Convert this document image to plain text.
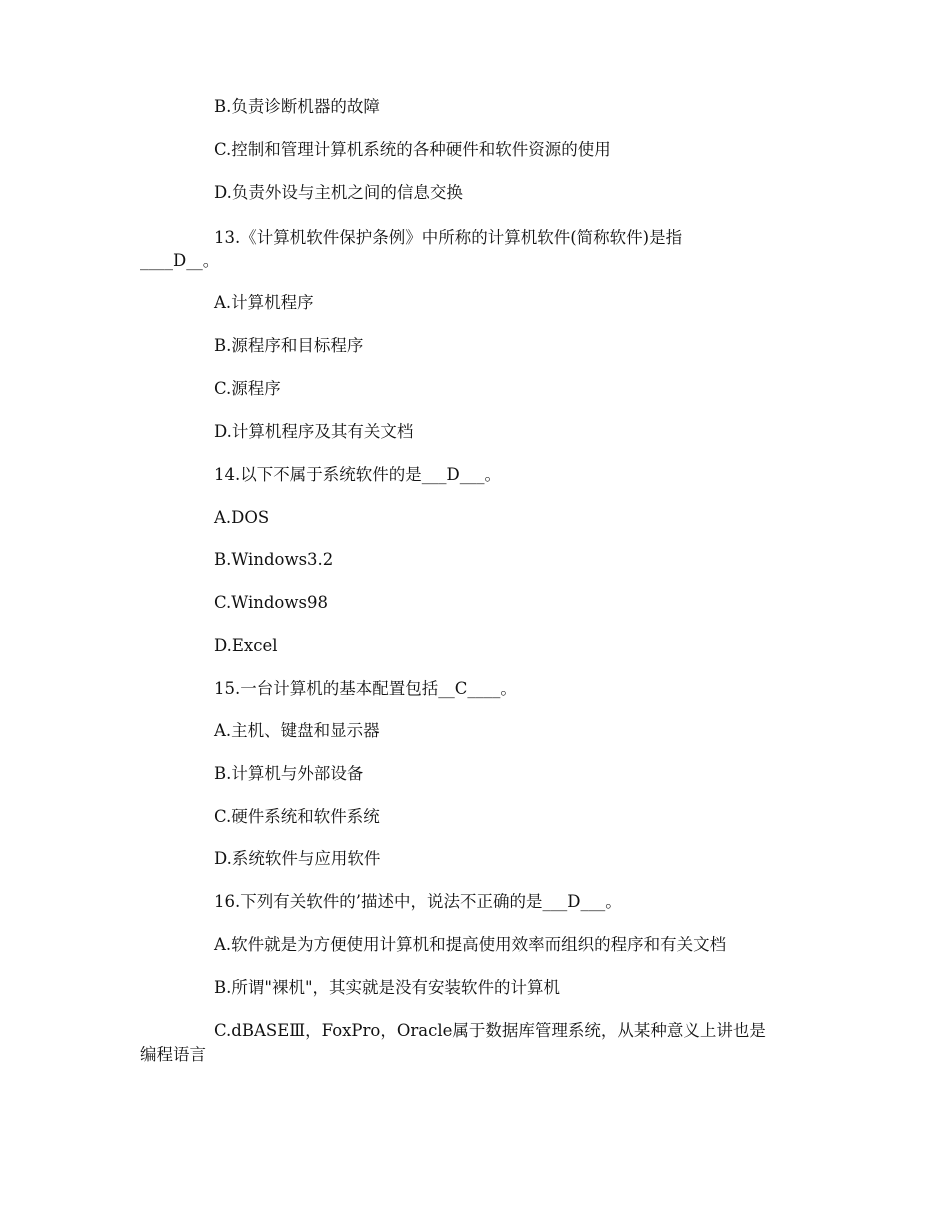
B.负责诊断机器的故障
C.控制和管理计算机系统的各种硬件和软件资源的使用
D.负责外设与主机之间的信息交换
13.《计算机软件保护条例》中所称的计算机软件(简称软件)是指
____D__。
A.计算机程序
B.源程序和目标程序
C.源程序
D.计算机程序及其有关文档
14.以下不属于系统软件的是___D___。
A.DOS
B.Windows3.2
C.Windows98
D.Excel
15.一台计算机的基本配置包括__C____。
A.主机、键盘和显示器
B.计算机与外部设备
C.硬件系统和软件系统
D.系统软件与应用软件
16.下列有关软件的’描述中，说法不正确的是___D___。
A.软件就是为方便使用计算机和提高使用效率而组织的程序和有关文档
B.所谓"裸机"，其实就是没有安装软件的计算机
C.dBASEⅢ，FoxPro，Oracle属于数据库管理系统，从某种意义上讲也是
编程语言
